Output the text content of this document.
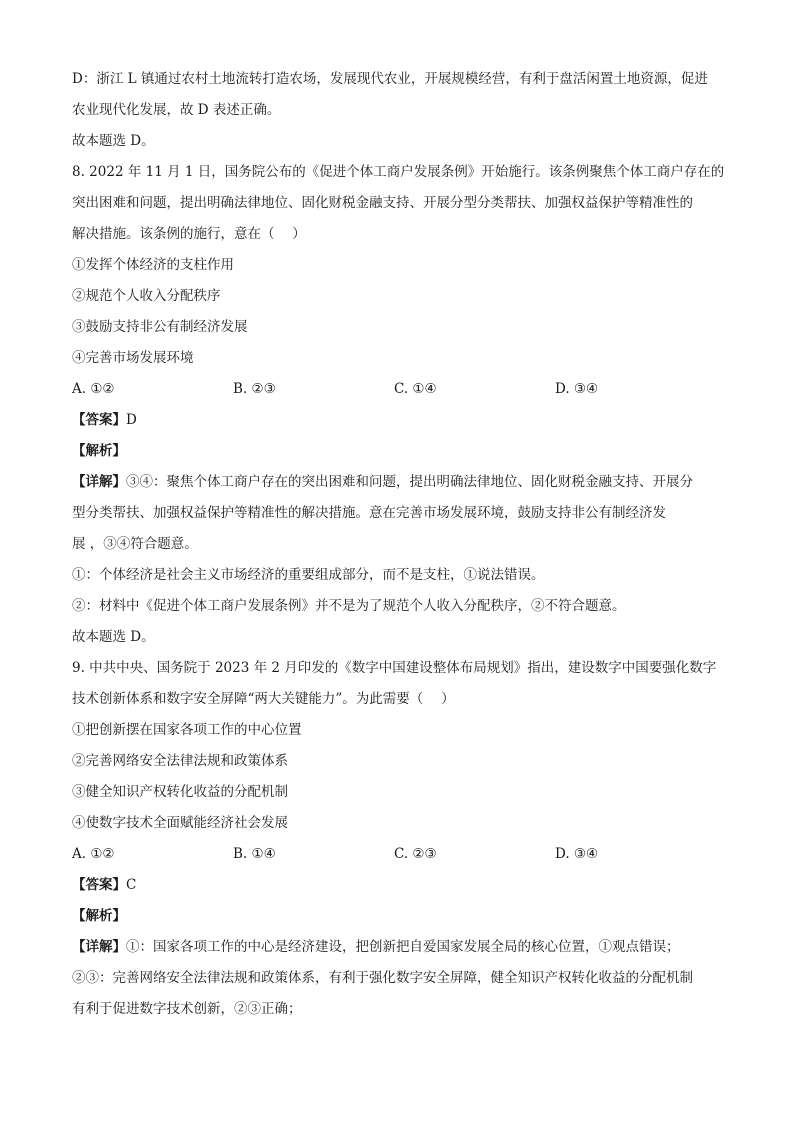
D：浙江 L 镇通过农村土地流转打造农场，发展现代农业，开展规模经营，有利于盘活闲置土地资源，促进
农业现代化发展，故 D 表述正确。
故本题选 D。
8. 2022 年 11 月 1 日，国务院公布的《促进个体工商户发展条例》开始施行。该条例聚焦个体工商户存在的
突出困难和问题，提出明确法律地位、固化财税金融支持、开展分型分类帮扶、加强权益保护等精准性的
解决措施。该条例的施行，意在（　 ）
①发挥个体经济的支柱作用
②规范个人收入分配秩序
③鼓励支持非公有制经济发展
④完善市场发展环境
A. ①②	B. ②③	C. ①④	D. ③④
【答案】D
【解析】
【详解】③④：聚焦个体工商户存在的突出困难和问题，提出明确法律地位、固化财税金融支持、开展分
型分类帮扶、加强权益保护等精准性的解决措施。意在完善市场发展环境，鼓励支持非公有制经济发
展 ，③④符合题意。
①：个体经济是社会主义市场经济的重要组成部分，而不是支柱，①说法错误。
②：材料中《促进个体工商户发展条例》并不是为了规范个人收入分配秩序，②不符合题意。
故本题选 D。
9. 中共中央、国务院于 2023 年 2 月印发的《数字中国建设整体布局规划》指出，建设数字中国要强化数字
技术创新体系和数字安全屏障“两大关键能力”。为此需要（　 ）
①把创新摆在国家各项工作的中心位置
②完善网络安全法律法规和政策体系
③健全知识产权转化收益的分配机制
④使数字技术全面赋能经济社会发展
A. ①②	B. ①④	C. ②③	D. ③④
【答案】C
【解析】
【详解】①：国家各项工作的中心是经济建设，把创新把自爱国家发展全局的核心位置，①观点错误；
②③：完善网络安全法律法规和政策体系，有利于强化数字安全屏障，健全知识产权转化收益的分配机制
有利于促进数字技术创新，②③正确；
